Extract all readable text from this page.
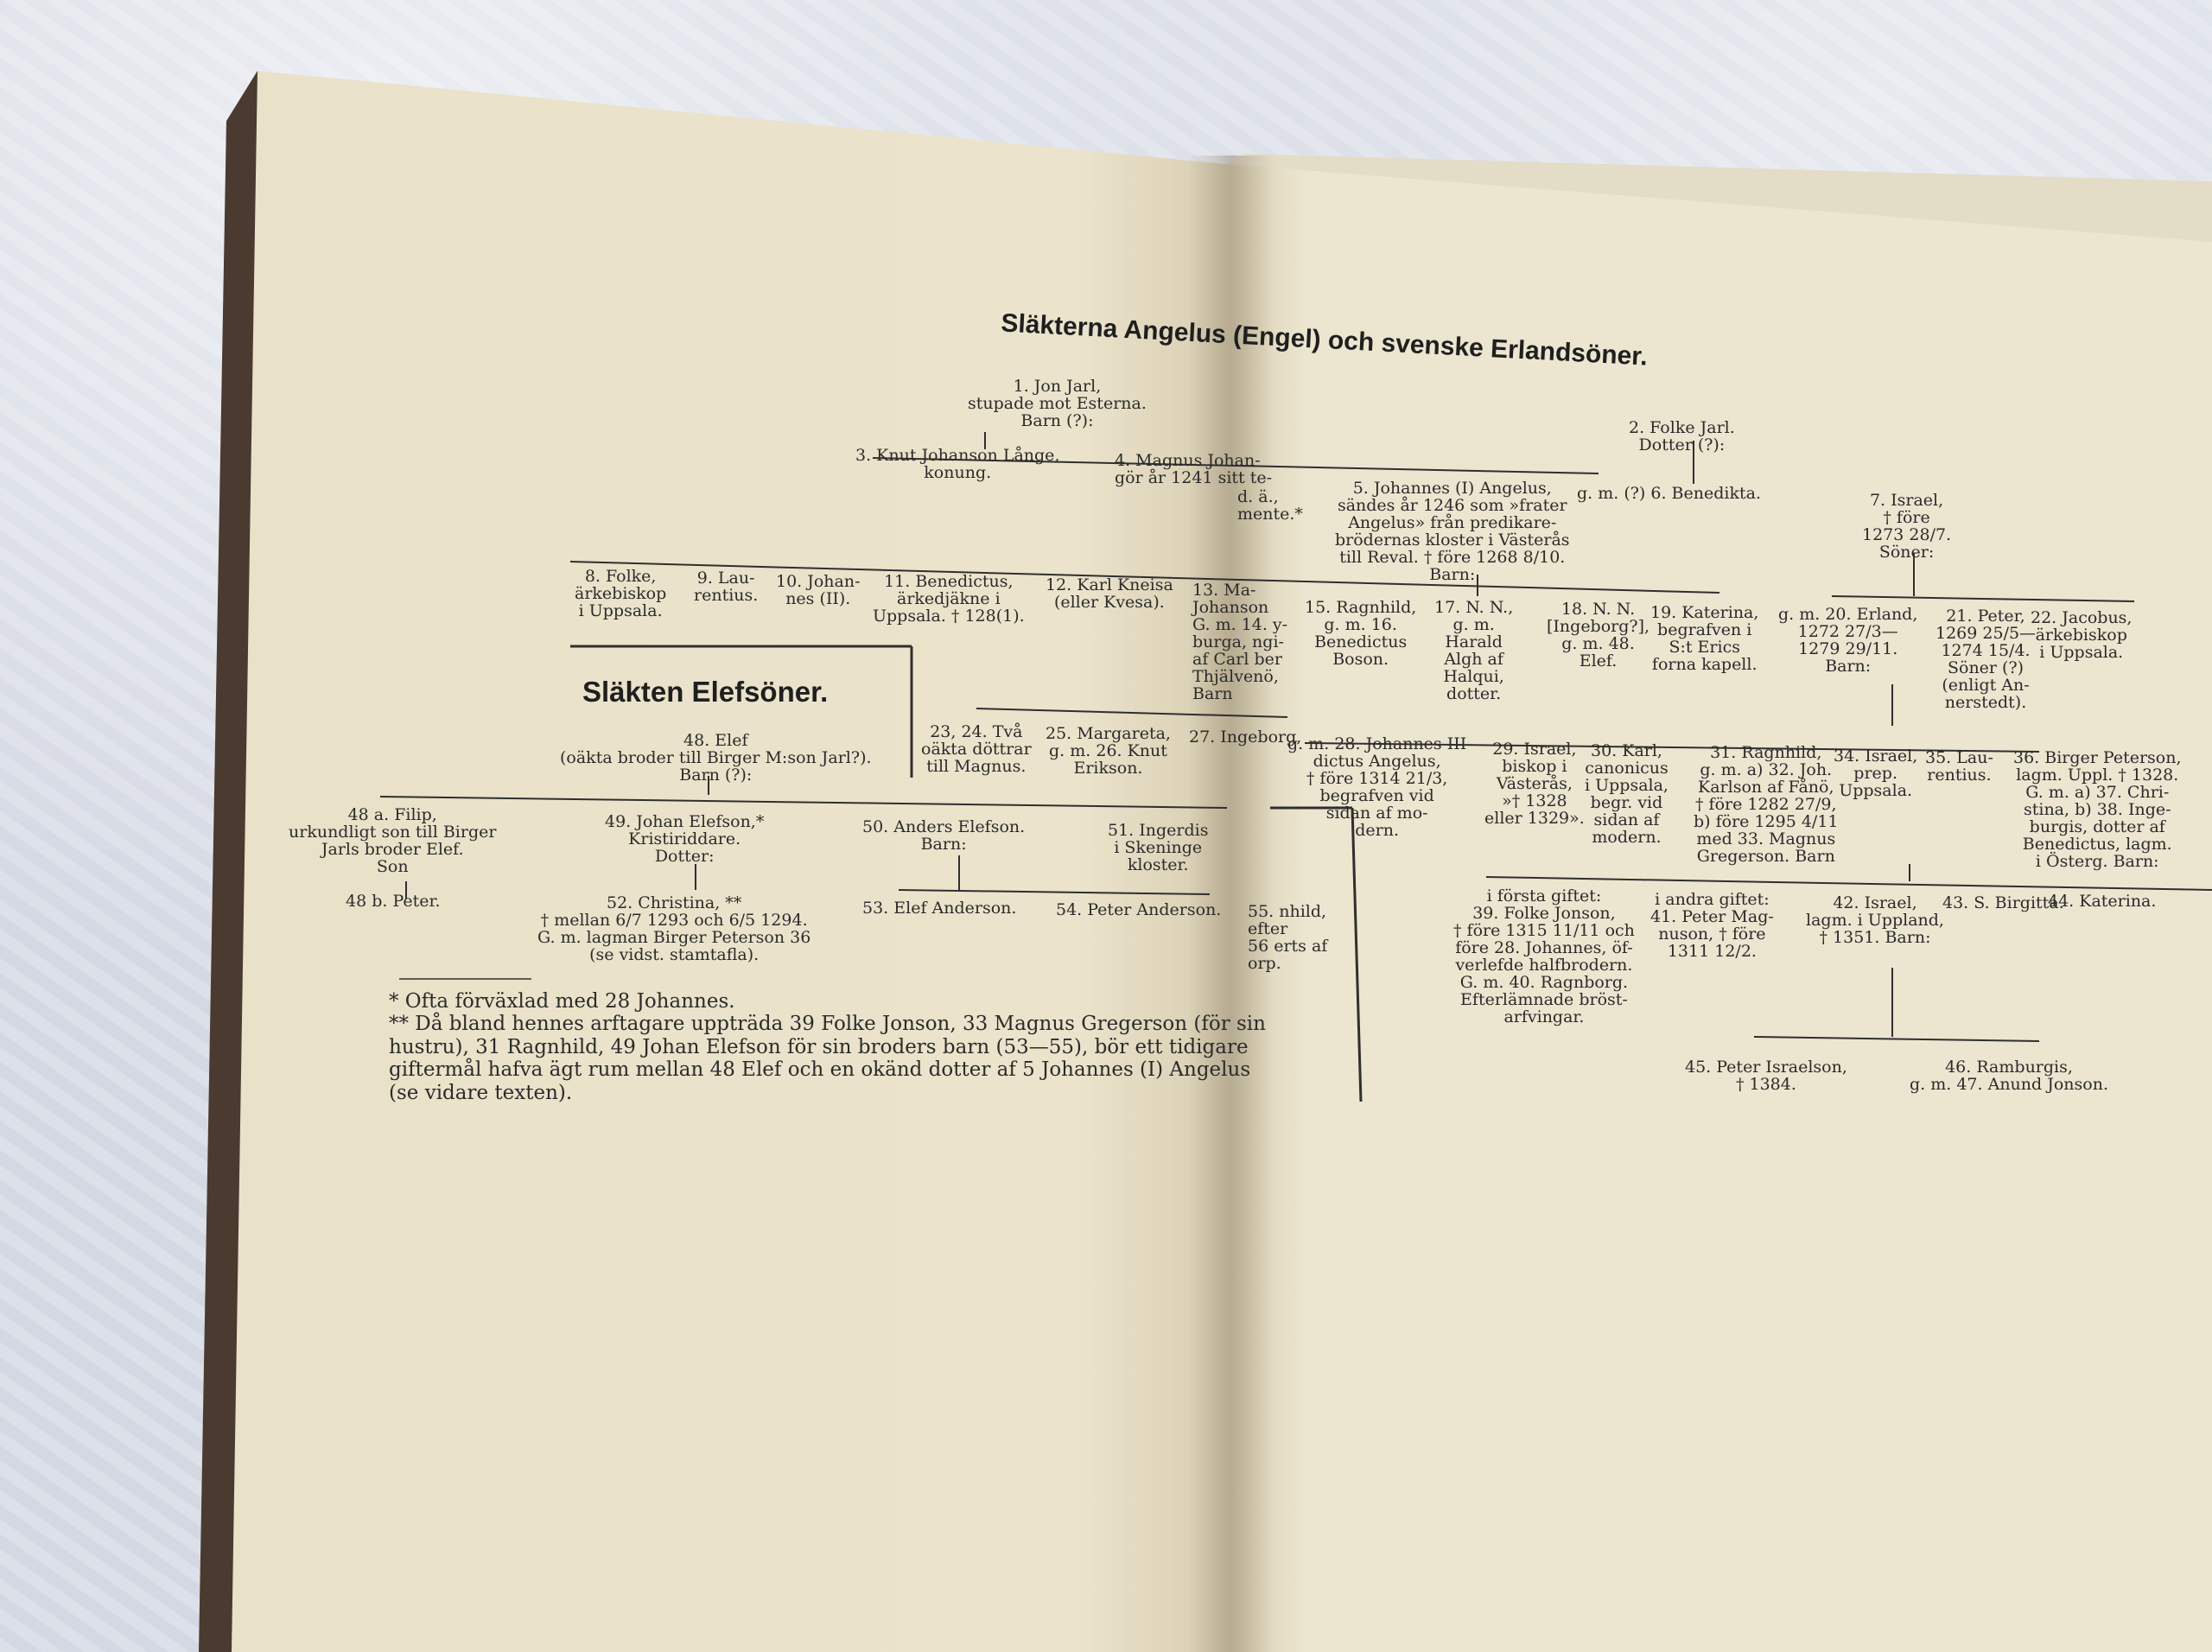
Släkterna Angelus (Engel) och svenske Erlandsöner.
Släkten Elefsöner.
1. Jon Jarl,
stupade mot Esterna.
Barn (?):	2. Folke Jarl.
Dotter (?):
3. Knut Johanson Långe,
konung.
4. Magnus Johan-
gör år 1241 sitt te-
d. ä.,
mente.*
5. Johannes (I) Angelus,
sändes år 1246 som »frater
Angelus» från predikare-
brödernas kloster i Västerås
till Reval. † före 1268 8/10.
Barn:
g. m. (?) 6. Benedikta.	7. Israel,
† före
1273 28/7.
Söner:
8. Folke,
ärkebiskop
i Uppsala.
9. Lau-
rentius.
10. Johan-
nes (II).
11. Benedictus,
ärkedjäkne i
Uppsala. † 128(1).
12. Karl Kneisa
(eller Kvesa).
13. Ma-
Johanson
G. m. 14. y-
burga, ngi-
af Carl ber
Thjälvenö,
Barn
15. Ragnhild,
g. m. 16.
Benedictus
Boson.
17. N. N.,
g. m.
Harald
Algh af
Halqui,
dotter.
18. N. N.
[Ingeborg?],
g. m. 48.
Elef.
19. Katerina,
begrafven i
S:t Erics
forna kapell.
g. m. 20. Erland,
1272 27/3—
1279 29/11.
Barn:
21. Peter,
1269 25/5—
1274 15/4.
Söner (?)
(enligt An-
nerstedt).
22. Jacobus,
ärkebiskop
i Uppsala.
23, 24. Två
oäkta döttrar
till Magnus.
25. Margareta,
g. m. 26. Knut
Erikson.
27. Ingeborg,
g. m. 28. Johannes III
dictus Angelus,
† före 1314 21/3,
begrafven vid
sidan af mo-
dern.
29. Israel,
biskop i
Västerås,
»† 1328
eller 1329».
30. Karl,
canonicus
i Uppsala,
begr. vid
sidan af
modern.
31. Ragnhild,
g. m. a) 32. Joh.
Karlson af Fånö,
† före 1282 27/9,
b) före 1295 4/11
med 33. Magnus
Gregerson. Barn
34. Israel,
prep.
Uppsala.
35. Lau-
rentius.
36. Birger Peterson,
lagm. Uppl. † 1328.
G. m. a) 37. Chri-
stina, b) 38. Inge-
burgis, dotter af
Benedictus, lagm.
i Österg. Barn:
48. Elef
(oäkta broder till Birger M:son Jarl?).
Barn (?):
48 a. Filip,
urkundligt son till Birger
Jarls broder Elef.
Son
48 b. Peter.
49. Johan Elefson,*
Kristiriddare.
Dotter:
50. Anders Elefson.
Barn:
51. Ingerdis
i Skeninge
kloster.
52. Christina, **
† mellan 6/7 1293 och 6/5 1294.
G. m. lagman Birger Peterson 36
(se vidst. stamtafla).
53. Elef Anderson. 54. Peter Anderson. 55. nhild,
efter
56 erts af
orp.
i första giftet:
39. Folke Jonson,
† före 1315 11/11 och
före 28. Johannes, öf-
verlefde halfbrodern.
G. m. 40. Ragnborg.
Efterlämnade bröst-
arfvingar.
i andra giftet:
41. Peter Mag-
nuson, † före
1311 12/2.
42. Israel,
lagm. i Uppland,
† 1351. Barn:
43. S. Birgitta.
44. Katerina.
45. Peter Israelson,
† 1384.
46. Ramburgis,
g. m. 47. Anund Jonson.
* Ofta förväxlad med 28 Johannes.
** Då bland hennes arftagare uppträda 39 Folke Jonson, 33 Magnus Gregerson (för sin
hustru), 31 Ragnhild, 49 Johan Elefson för sin broders barn (53—55), bör ett tidigare
giftermål hafva ägt rum mellan 48 Elef och en okänd dotter af 5 Johannes (I) Angelus
(se vidare texten).
